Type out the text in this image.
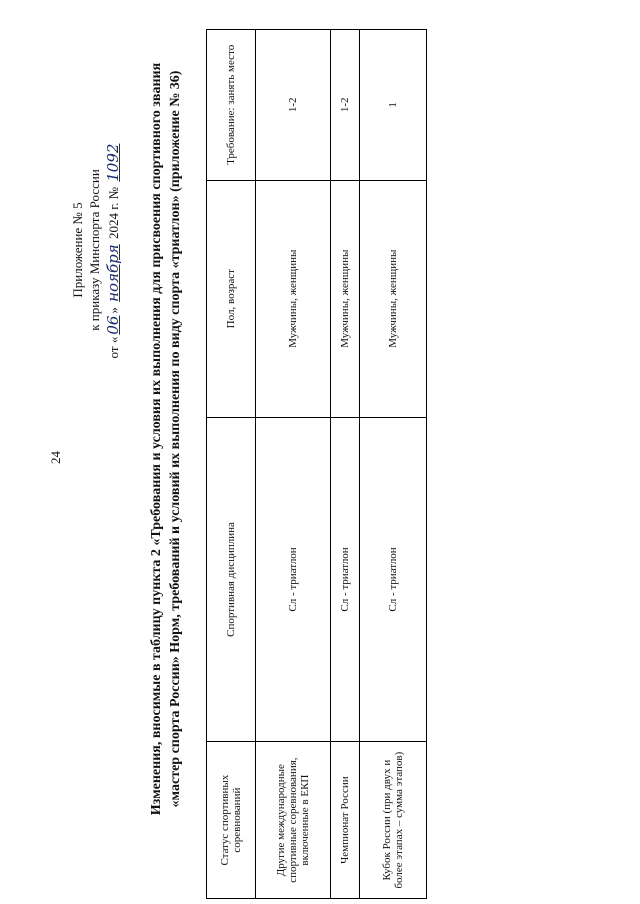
24
Приложение № 5 к приказу Минспорта России
от «06» ноября 2024 г. № 1092 Изменения, вносимые в таблицу пункта 2 «Требования и условия их выполнения для присвоения спортивного звания «мастер спорта России» Норм, требований и условий их выполнения по виду спорта «триатлон» (приложение № 36)
Статус спортивных соревнований	Спортивная дисциплина	Пол, возраст	Требование: занять место
Другие международные спортивные соревнования, включенные в ЕКП	Сл - триатлон	Мужчины, женщины	1-2
Чемпионат России	Сл - триатлон	Мужчины, женщины	1-2
Кубок России (при двух и более этапах – сумма этапов)	Сл - триатлон	Мужчины, женщины	1
